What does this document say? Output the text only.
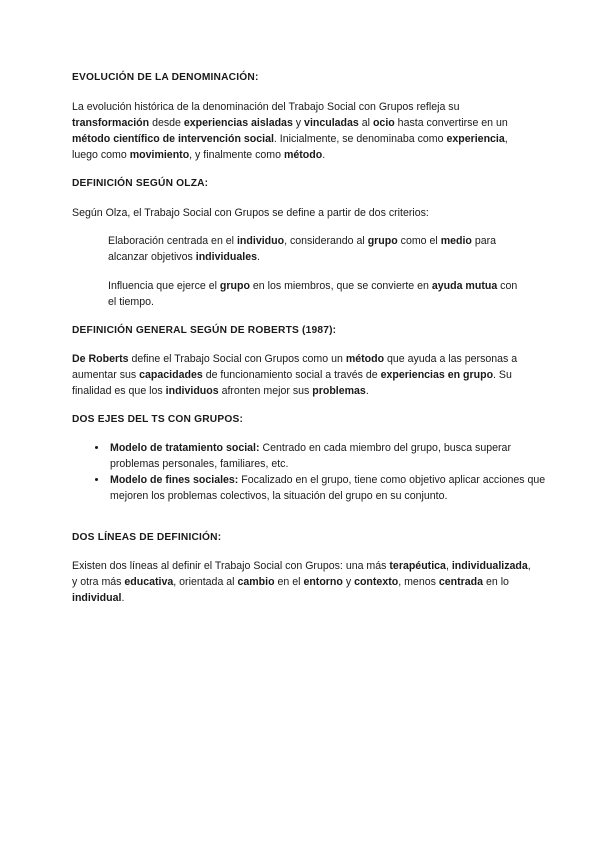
EVOLUCIÓN DE LA DENOMINACIÓN:

La evolución histórica de la denominación del Trabajo Social con Grupos refleja su transformación desde experiencias aisladas y vinculadas al ocio hasta convertirse en un método científico de intervención social. Inicialmente, se denominaba como experiencia, luego como movimiento, y finalmente como método.

DEFINICIÓN SEGÚN OLZA:

Según Olza, el Trabajo Social con Grupos se define a partir de dos criterios:

Elaboración centrada en el individuo, considerando al grupo como el medio para alcanzar objetivos individuales.

Influencia que ejerce el grupo en los miembros, que se convierte en ayuda mutua con el tiempo.

DEFINICIÓN GENERAL SEGÚN DE ROBERTS (1987):

De Roberts define el Trabajo Social con Grupos como un método que ayuda a las personas a aumentar sus capacidades de funcionamiento social a través de experiencias en grupo. Su finalidad es que los individuos afronten mejor sus problemas.

DOS EJES DEL TS CON GRUPOS:
• Modelo de tratamiento social: Centrado en cada miembro del grupo, busca superar problemas personales, familiares, etc.
• Modelo de fines sociales: Focalizado en el grupo, tiene como objetivo aplicar acciones que mejoren los problemas colectivos, la situación del grupo en su conjunto.
DOS LÍNEAS DE DEFINICIÓN:

Existen dos líneas al definir el Trabajo Social con Grupos: una más terapéutica, individualizada, y otra más educativa, orientada al cambio en el entorno y contexto, menos centrada en lo individual.
